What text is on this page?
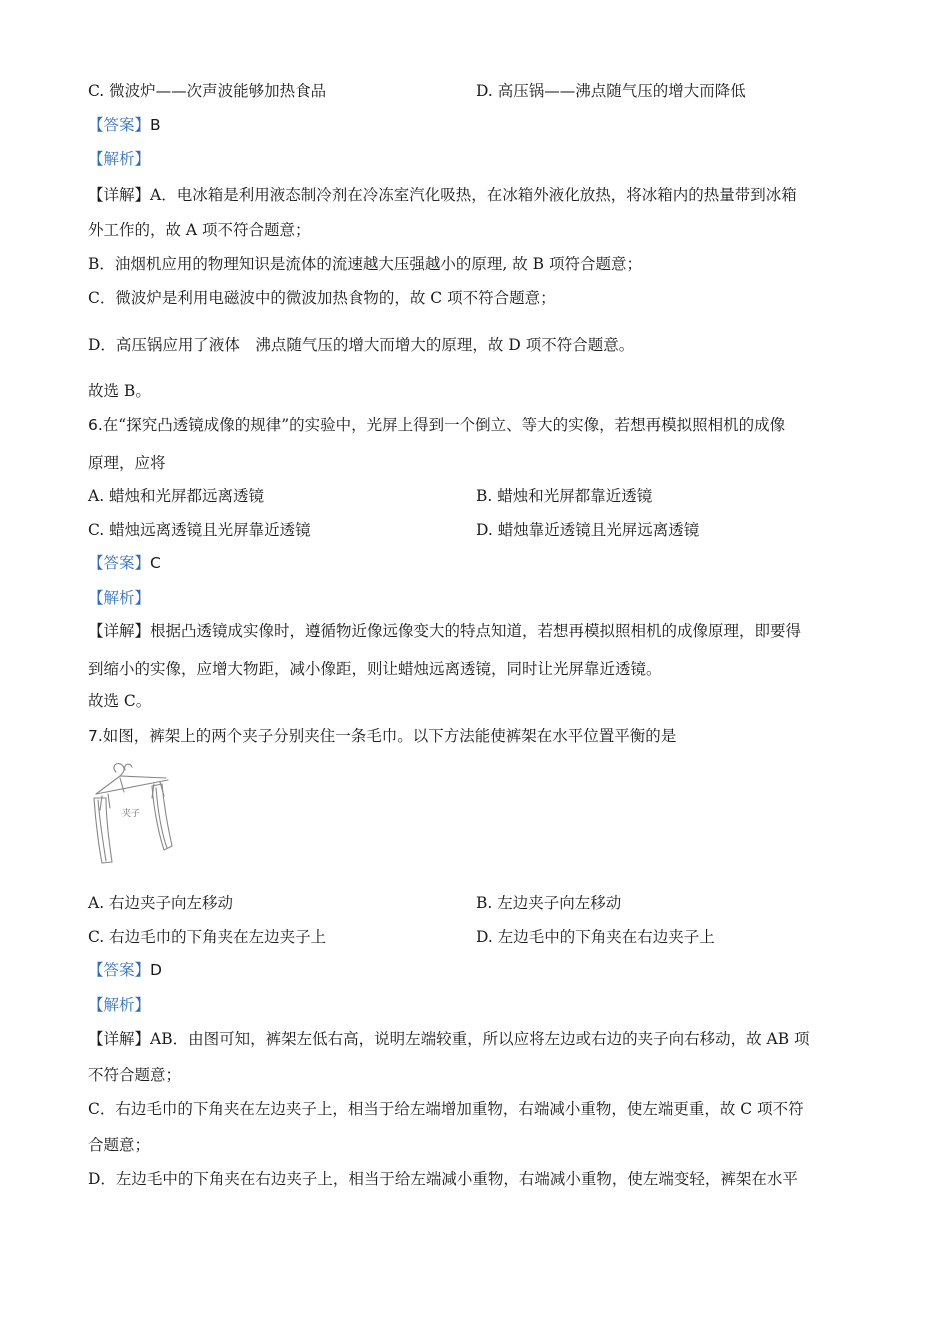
C. 微波炉——次声波能够加热食品	D. 高压锅——沸点随气压的增大而降低
【答案】B
【解析】
【详解】A．电冰箱是利用液态制冷剂在冷冻室汽化吸热，在冰箱外液化放热，将冰箱内的热量带到冰箱
外工作的，故 A 项不符合题意；
B．油烟机应用的物理知识是流体的流速越大压强越小的原理, 故 B 项符合题意；
C．微波炉是利用电磁波中的微波加热食物的，故 C 项不符合题意；
D．高压锅应用了液体　沸点随气压的增大而增大的原理，故 D 项不符合题意。
故选 B。
6.在“探究凸透镜成像的规律”的实验中，光屏上得到一个倒立、等大的实像，若想再模拟照相机的成像
原理，应将
A. 蜡烛和光屏都远离透镜	B. 蜡烛和光屏都靠近透镜
C. 蜡烛远离透镜且光屏靠近透镜	D. 蜡烛靠近透镜且光屏远离透镜
【答案】C
【解析】
【详解】根据凸透镜成实像时，遵循物近像远像变大的特点知道，若想再模拟照相机的成像原理，即要得
到缩小的实像，应增大物距，减小像距，则让蜡烛远离透镜，同时让光屏靠近透镜。
故选 C。
7.如图，裤架上的两个夹子分别夹住一条毛巾。以下方法能使裤架在水平位置平衡的是
夹子
A. 右边夹子向左移动	B. 左边夹子向左移动
C. 右边毛巾的下角夹在左边夹子上	D. 左边毛中的下角夹在右边夹子上
【答案】D
【解析】
【详解】AB．由图可知，裤架左低右高，说明左端较重，所以应将左边或右边的夹子向右移动，故 AB 项
不符合题意；
C．右边毛巾的下角夹在左边夹子上，相当于给左端增加重物，右端减小重物，使左端更重，故 C 项不符
合题意；
D．左边毛中的下角夹在右边夹子上，相当于给左端减小重物，右端减小重物，使左端变轻，裤架在水平
